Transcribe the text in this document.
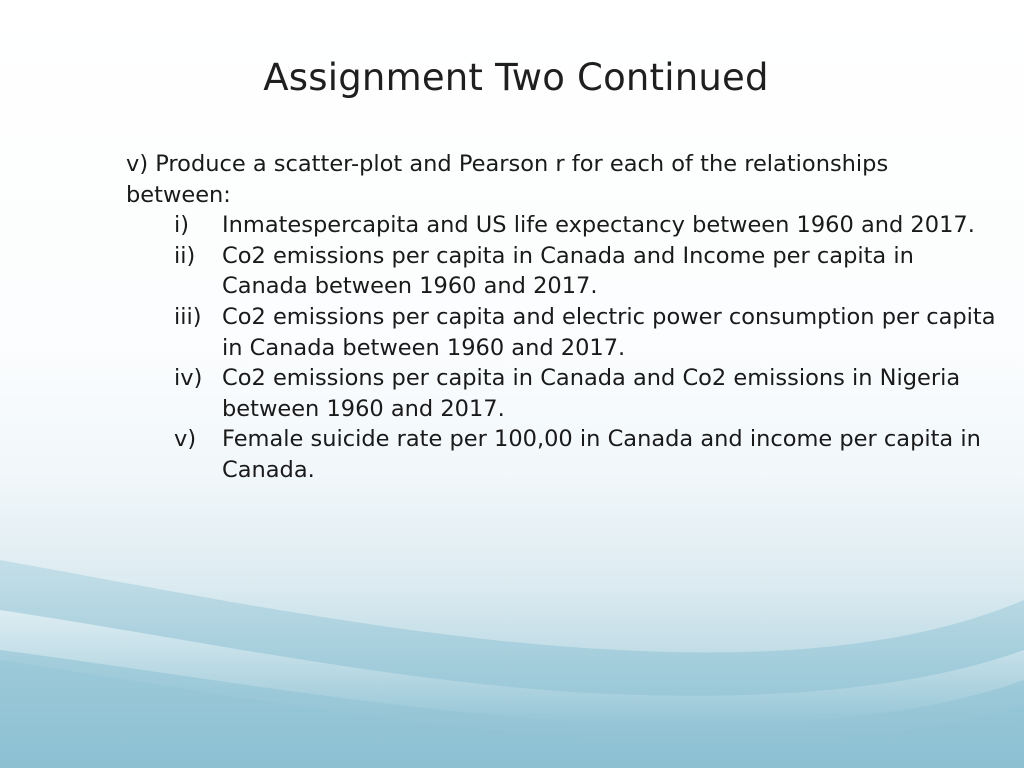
Assignment Two Continued

v) Produce a scatter-plot and Pearson r for each of the relationships between:

i)	Inmatespercapita and US life expectancy between 1960 and 2017.
ii)	Co2 emissions per capita in Canada and Income per capita in Canada between 1960 and 2017.
iii) Co2 emissions per capita and electric power consumption per capita in Canada between 1960 and 2017.
iv) Co2 emissions per capita in Canada and Co2 emissions in Nigeria between 1960 and 2017.
v)	Female suicide rate per 100,00 in Canada and income per capita in Canada.
